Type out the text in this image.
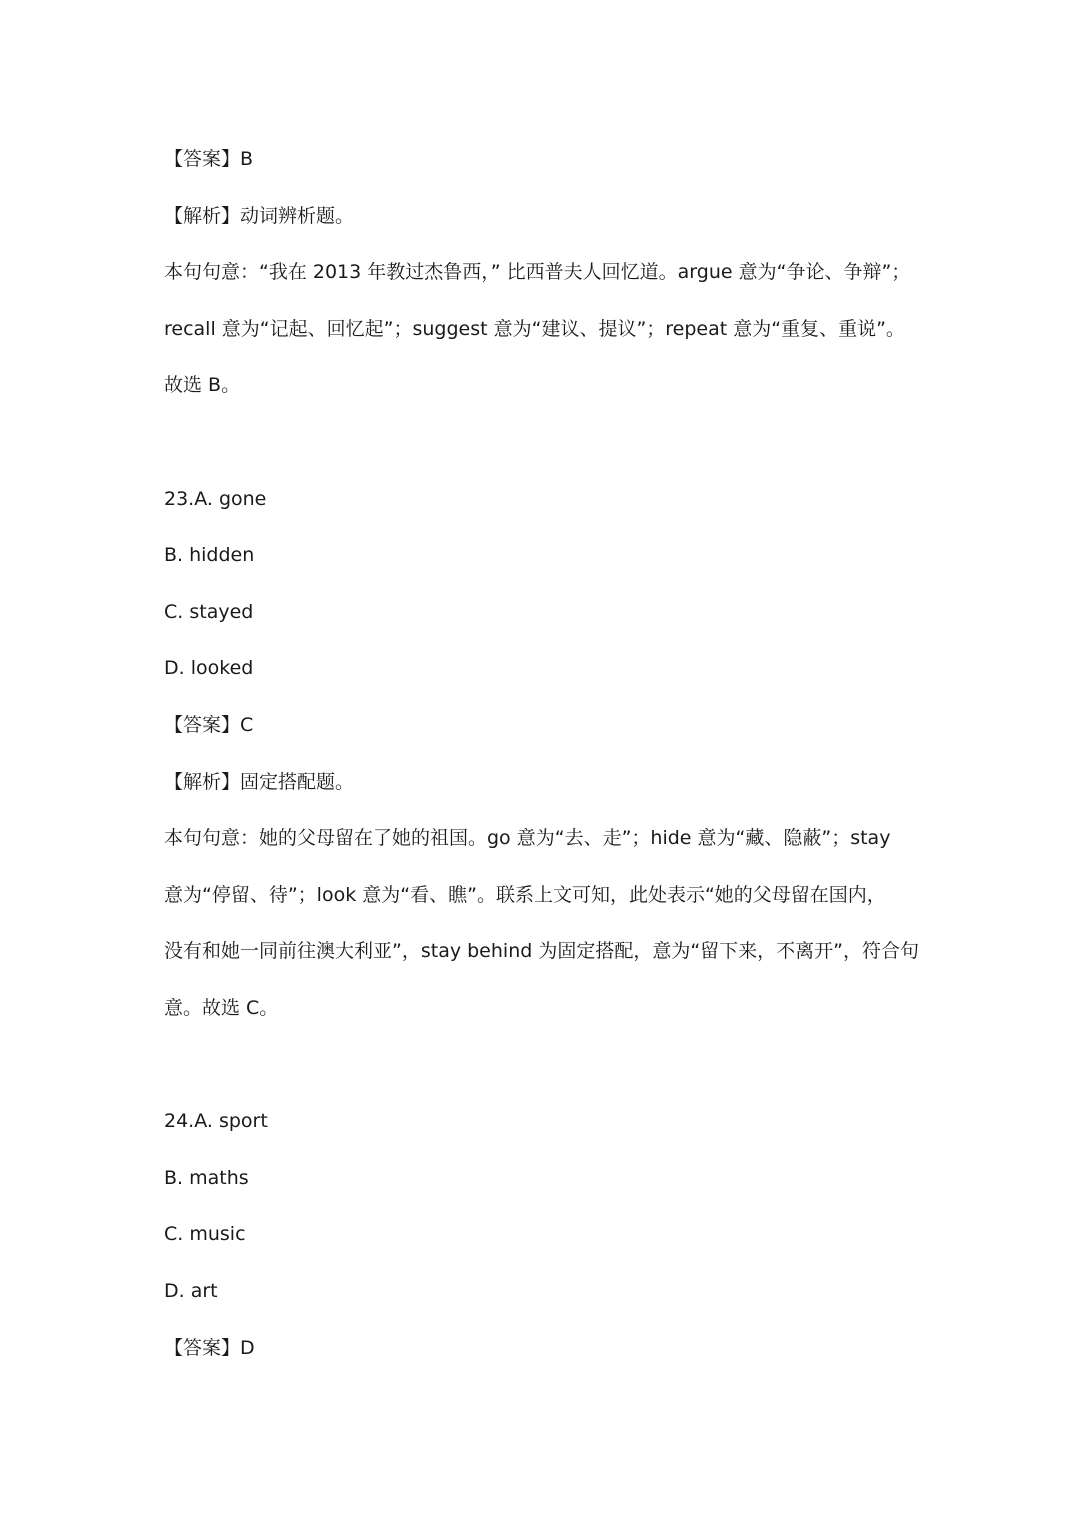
【答案】B
【解析】动词辨析题。
本句句意：“我在 2013 年教过杰鲁西，” 比西普夫人回忆道。argue 意为“争论、争辩”；
recall 意为“记起、回忆起”；suggest 意为“建议、提议”；repeat 意为“重复、重说”。
故选 B。
23.A. gone
B. hidden
C. stayed
D. looked
【答案】C
【解析】固定搭配题。
本句句意：她的父母留在了她的祖国。go 意为“去、走”；hide 意为“藏、隐蔽”；stay
意为“停留、待”；look 意为“看、瞧”。联系上文可知，此处表示“她的父母留在国内，
没有和她一同前往澳大利亚”，stay behind 为固定搭配，意为“留下来，不离开”，符合句
意。故选 C。
24.A. sport
B. maths
C. music
D. art
【答案】D
